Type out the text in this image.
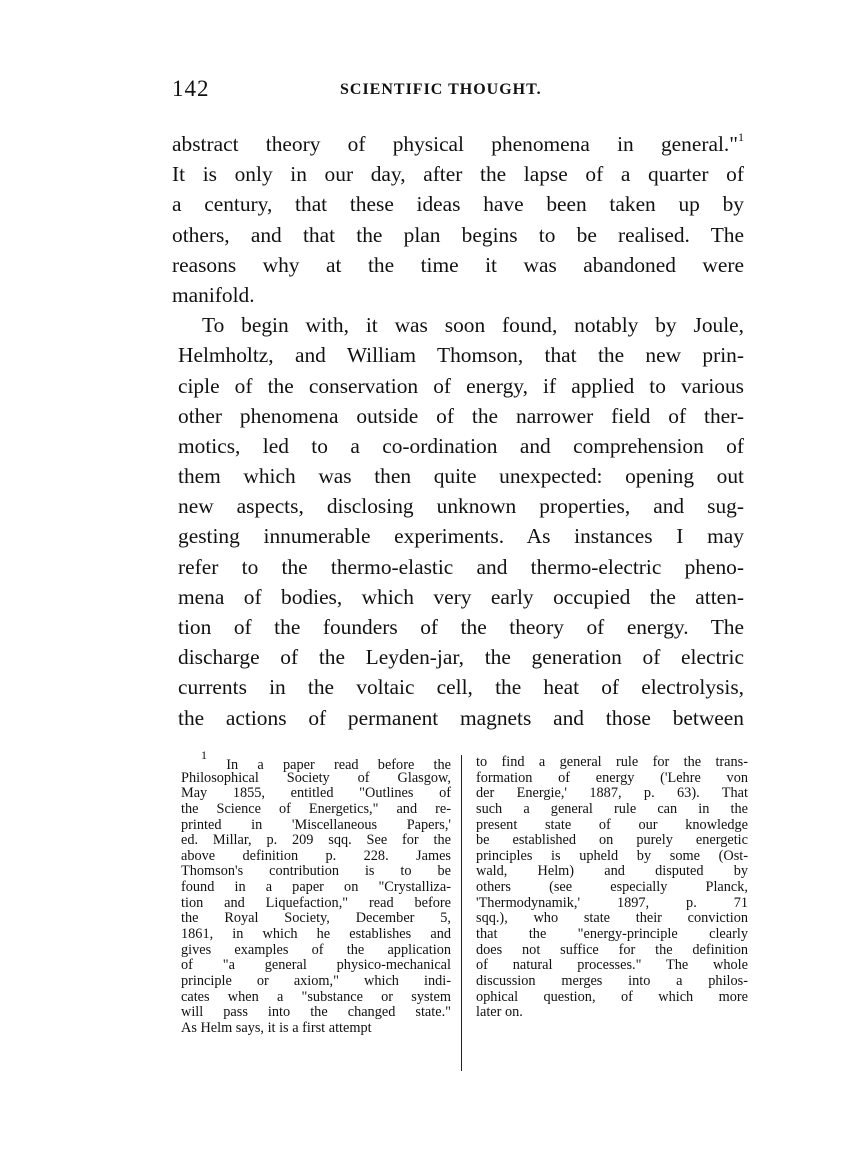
142	SCIENTIFIC THOUGHT.
abstract theory of physical phenomena in general."$^1$
It is only in our day, after the lapse of a quarter of
a century, that these ideas have been taken up by
others, and that the plan begins to be realised. The
reasons why at the time it was abandoned were
manifold.
To begin with, it was soon found, notably by Joule,
Helmholtz, and William Thomson, that the new prin-
ciple of the conservation of energy, if applied to various
other phenomena outside of the narrower field of ther-
motics, led to a co-ordination and comprehension of
them which was then quite unexpected: opening out
new aspects, disclosing unknown properties, and sug-
gesting innumerable experiments. As instances I may
refer to the thermo-elastic and thermo-electric pheno-
mena of bodies, which very early occupied the atten-
tion of the founders of the theory of energy. The
discharge of the Leyden-jar, the generation of electric
currents in the voltaic cell, the heat of electrolysis,
the actions of permanent magnets and those between
$^1$ In a paper read before the
Philosophical Society of Glasgow,
May 1855, entitled "Outlines of
the Science of Energetics," and re-
printed in 'Miscellaneous Papers,'
ed. Millar, p. 209 sqq. See for the
above definition p. 228. James
Thomson's contribution is to be
found in a paper on "Crystalliza-
tion and Liquefaction," read before
the Royal Society, December 5,
1861, in which he establishes and
gives examples of the application
of "a general physico-mechanical
principle or axiom," which indi-
cates when a "substance or system
will pass into the changed state."
As Helm says, it is a first attempt
to find a general rule for the trans-
formation of energy ('Lehre von
der Energie,' 1887, p. 63). That
such a general rule can in the
present state of our knowledge
be established on purely energetic
principles is upheld by some (Ost-
wald, Helm) and disputed by
others (see especially Planck,
'Thermodynamik,' 1897, p. 71
sqq.), who state their conviction
that the "energy-principle clearly
does not suffice for the definition
of natural processes." The whole
discussion merges into a philos-
ophical question, of which more
later on.
